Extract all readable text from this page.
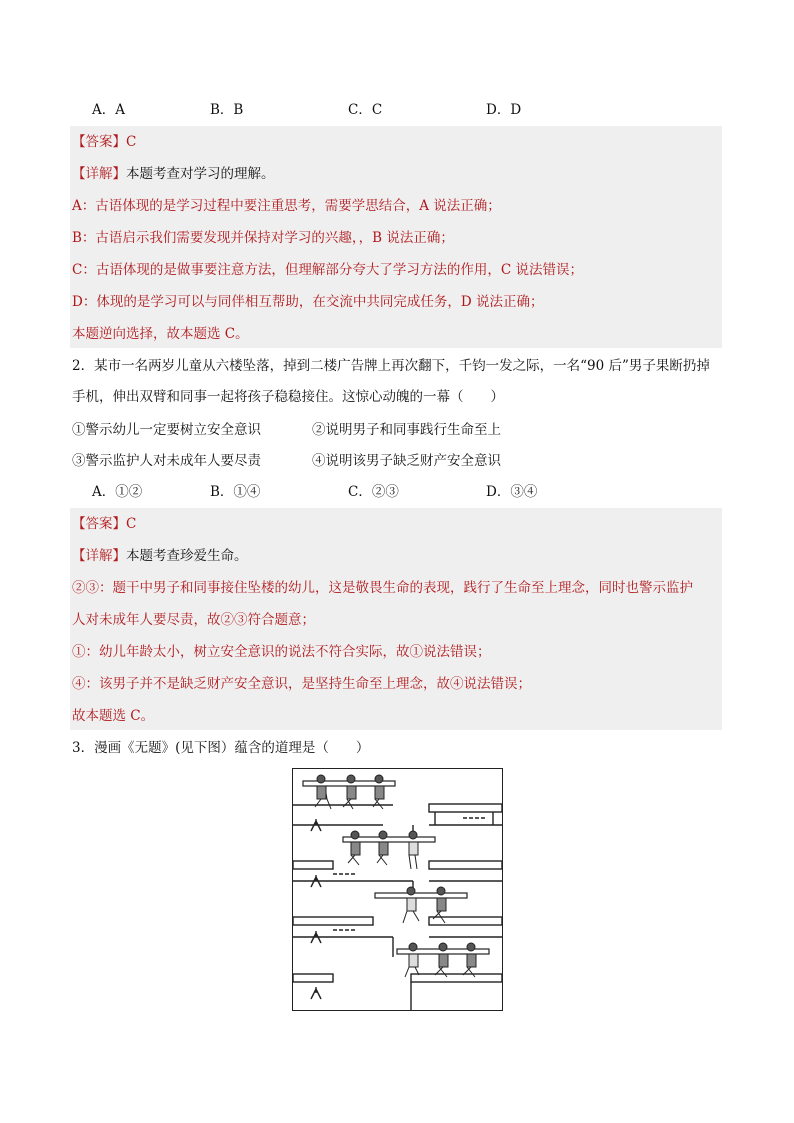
A．A	B．B	C．C	D．D
【答案】C
【详解】本题考查对学习的理解。
A：古语体现的是学习过程中要注重思考，需要学思结合，A 说法正确；
B：古语启示我们需要发现并保持对学习的兴趣，，B 说法正确；
C：古语体现的是做事要注意方法，但理解部分夸大了学习方法的作用，C 说法错误；
D：体现的是学习可以与同伴相互帮助，在交流中共同完成任务，D 说法正确；
本题逆向选择，故本题选 C。
2．某市一名两岁儿童从六楼坠落，掉到二楼广告牌上再次翻下，千钧一发之际，一名“90 后”男子果断扔掉
手机，伸出双臂和同事一起将孩子稳稳接住。这惊心动魄的一幕（　　）
①警示幼儿一定要树立安全意识	②说明男子和同事践行生命至上
③警示监护人对未成年人要尽责	④说明该男子缺乏财产安全意识
A．①②	B．①④	C．②③	D．③④
【答案】C
【详解】本题考查珍爱生命。
②③：题干中男子和同事接住坠楼的幼儿，这是敬畏生命的表现，践行了生命至上理念，同时也警示监护
人对未成年人要尽责，故②③符合题意；
①：幼儿年龄太小，树立安全意识的说法不符合实际，故①说法错误；
④：该男子并不是缺乏财产安全意识，是坚持生命至上理念，故④说法错误；
故本题选 C。
3．漫画《无题》(见下图）蕴含的道理是（　　）
